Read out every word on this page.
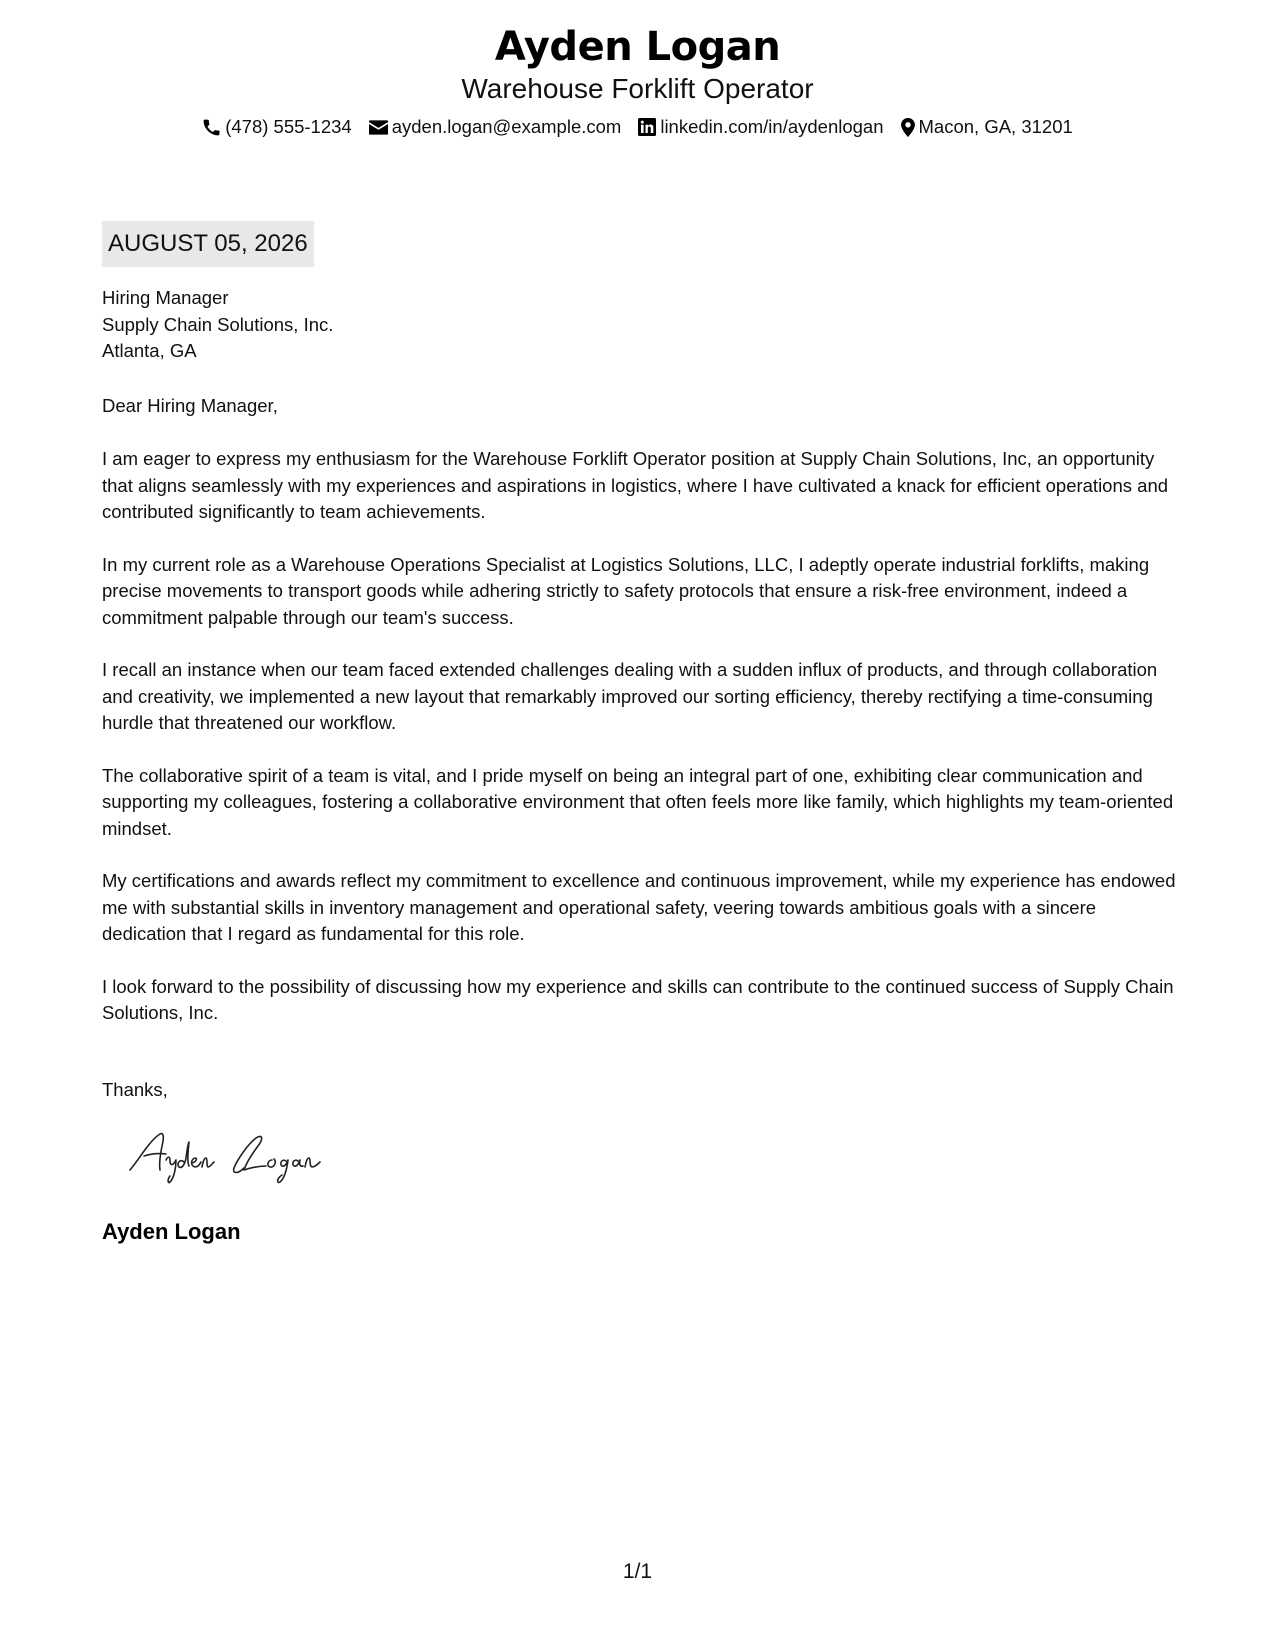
Ayden Logan
Warehouse Forklift Operator
(478) 555-1234 ayden.logan@example.com linkedin.com/in/aydenlogan Macon, GA, 31201
AUGUST 05, 2026
Hiring Manager
Supply Chain Solutions, Inc.
Atlanta, GA
Dear Hiring Manager,

I am eager to express my enthusiasm for the Warehouse Forklift Operator position at Supply Chain Solutions, Inc, an opportunity that aligns seamlessly with my experiences and aspirations in logistics, where I have cultivated a knack for efficient operations and contributed significantly to team achievements.

In my current role as a Warehouse Operations Specialist at Logistics Solutions, LLC, I adeptly operate industrial forklifts, making precise movements to transport goods while adhering strictly to safety protocols that ensure a risk-free environment, indeed a commitment palpable through our team's success.

I recall an instance when our team faced extended challenges dealing with a sudden influx of products, and through collaboration and creativity, we implemented a new layout that remarkably improved our sorting efficiency, thereby rectifying a time-consuming hurdle that threatened our workflow.

The collaborative spirit of a team is vital, and I pride myself on being an integral part of one, exhibiting clear communication and supporting my colleagues, fostering a collaborative environment that often feels more like family, which highlights my team-oriented mindset.

My certifications and awards reflect my commitment to excellence and continuous improvement, while my experience has endowed me with substantial skills in inventory management and operational safety, veering towards ambitious goals with a sincere dedication that I regard as fundamental for this role.

I look forward to the possibility of discussing how my experience and skills can contribute to the continued success of Supply Chain Solutions, Inc.

Thanks,
Ayden Logan
1/1
